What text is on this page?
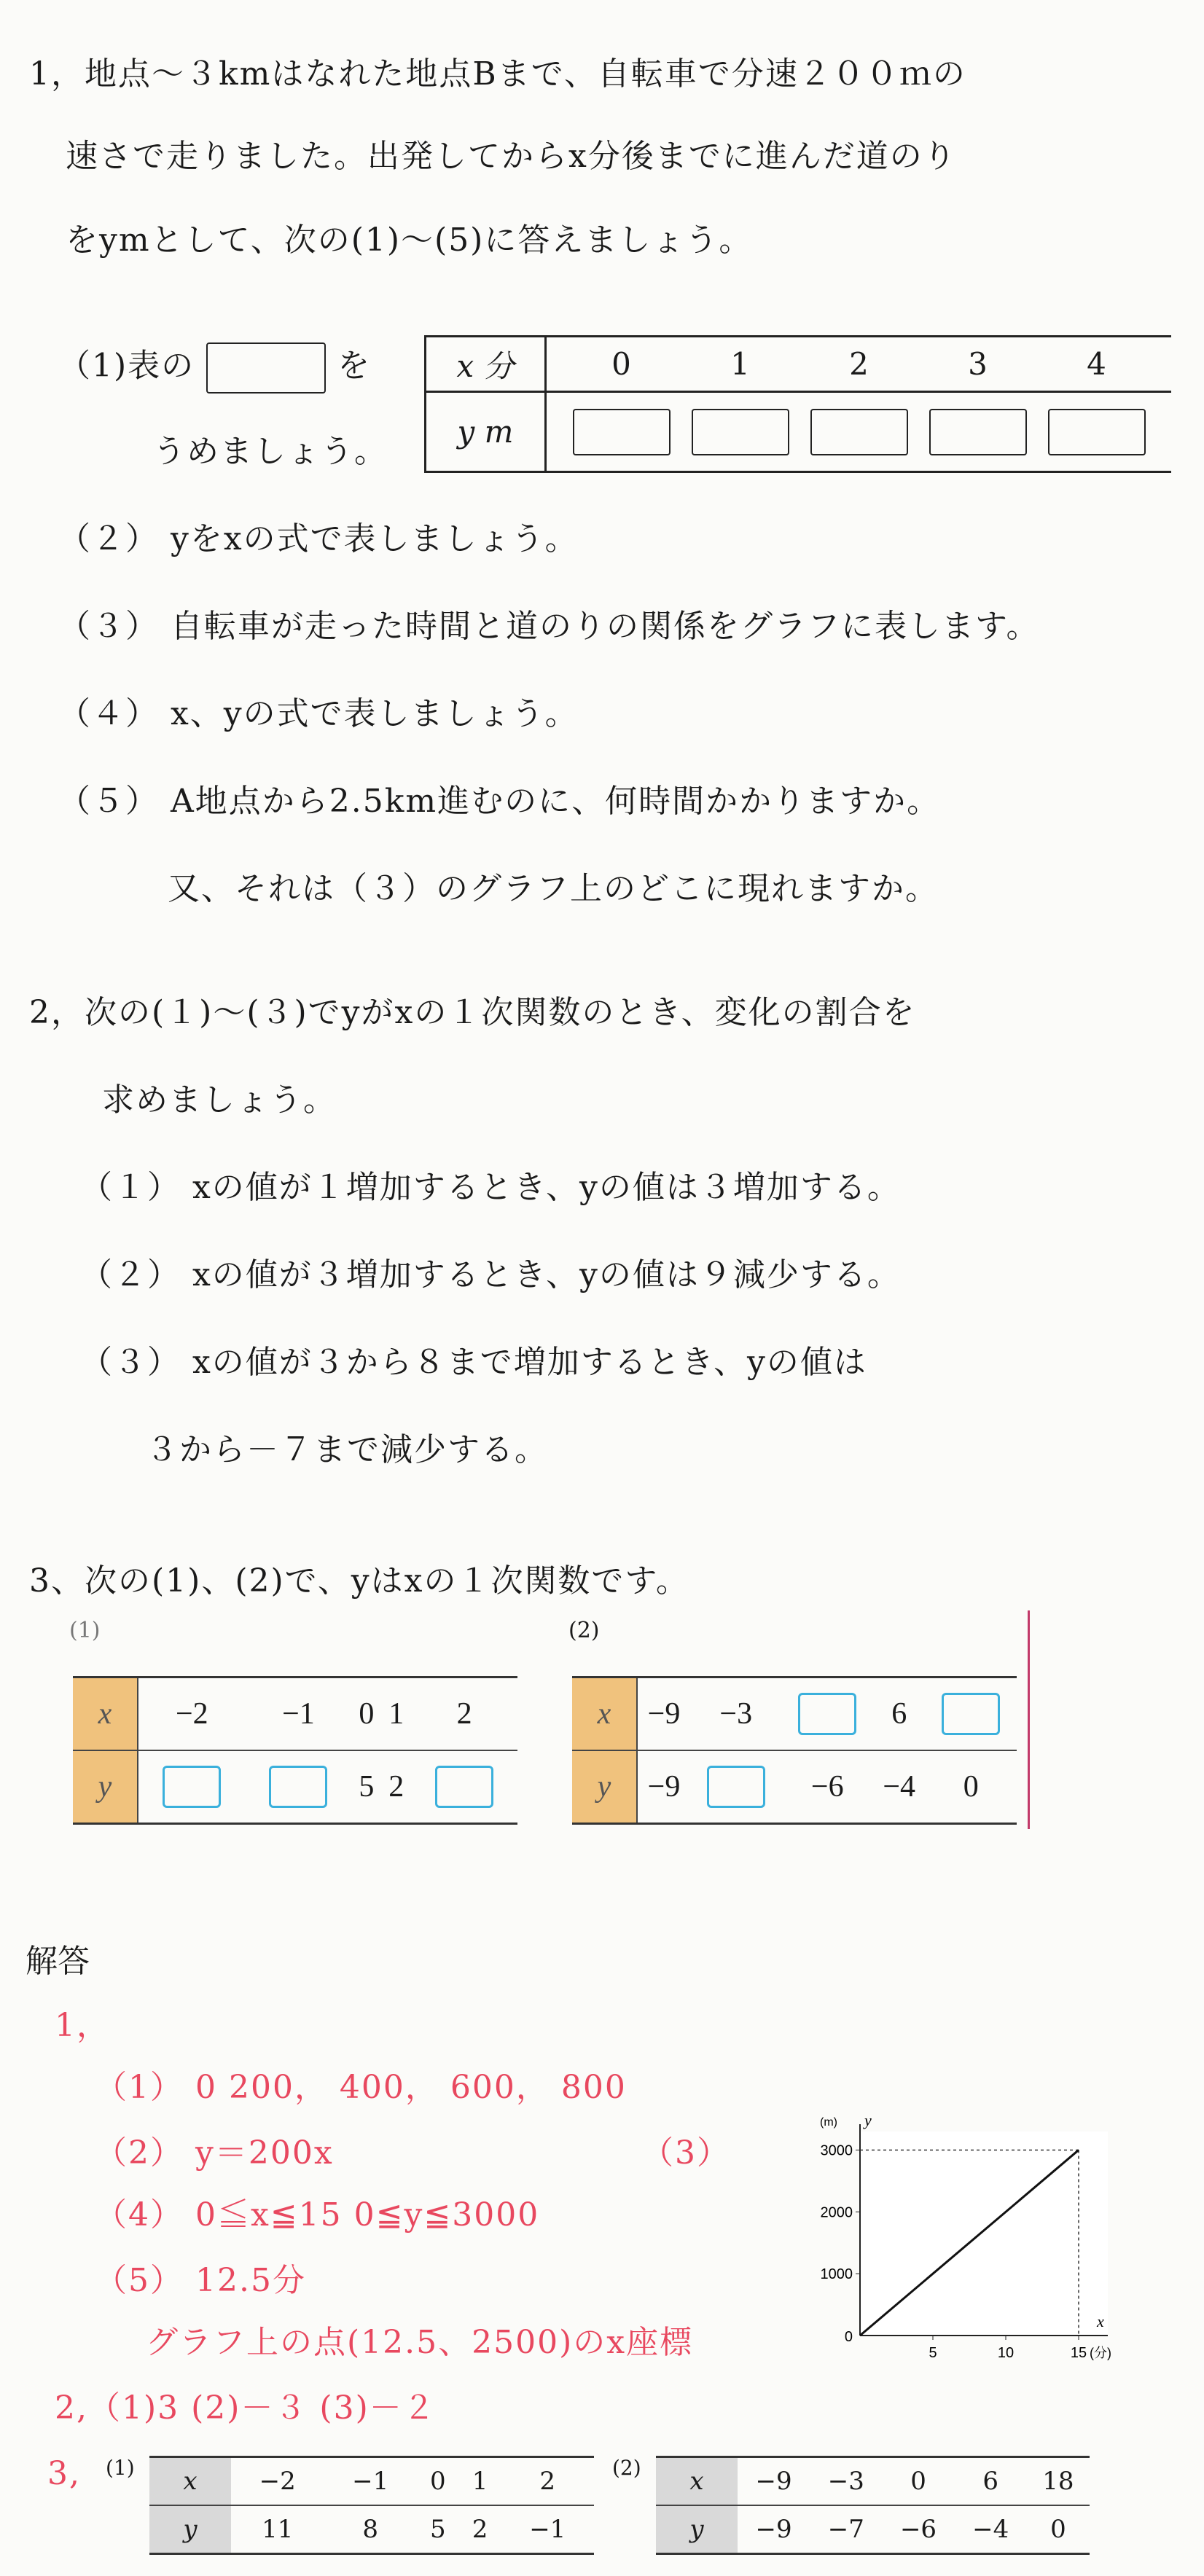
1，地点〜３kmはなれた地点Bまで、自転車で分速２００ｍの
速さで走りました。出発してからx分後までに進んだ道のり
をymとして、次の(1)〜(5)に答えましょう。
（1)表の	を
うめましょう。
x 分	0 1 2 3 4

y m	
（２） yをxの式で表しましょう。
（３） 自転車が走った時間と道のりの関係をグラフに表します。
（４） x、yの式で表しましょう。
（５） A地点から2.5km進むのに、何時間かかりますか。
又、それは（３）のグラフ上のどこに現れますか。
2，次の(１)〜(３)でyがxの１次関数のとき、変化の割合を
求めましょう。
（１） xの値が１増加するとき、yの値は３増加する。
（２） xの値が３増加するとき、yの値は９減少する。
（３） xの値が３から８まで増加するとき、yの値は
３から－７まで減少する。
3、次の(1)、(2)で、yはxの１次関数です。
(1)	(2)
x	−2	−1	0	1	2
y			5	2	
x	−9	−3		6	
y	−9		−6	−4	0
解答
1，
（1） 0 200， 400， 600， 800
（2） y＝200x	（3）
（4） 0≦x≦15 0≦y≦3000
（5） 12.5分
グラフ上の点(12.5、2500)のx座標
2,（1)3 (2)－３ (3)－２
5	10	15
1000
2000
3000
0
x
(分)
y
(m)
3, (1)	(2)
x	−2	−1	0	1	2
y	11	8	5	2	−1
x	−9	−3	0	6	18
y	−9	−7	−6	−4	0
